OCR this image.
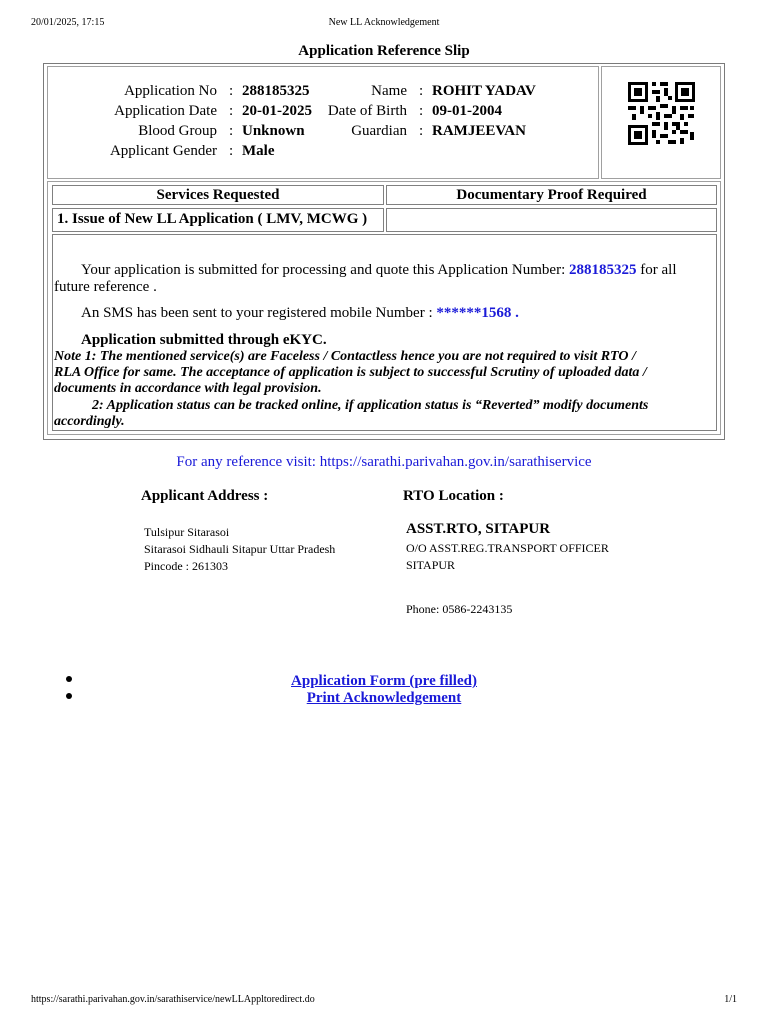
20/01/2025, 17:15	New LL Acknowledgement
Application Reference Slip
Application No : 288185325	Name : ROHIT YADAV
Application Date : 20-01-2025 Date of Birth : 09-01-2004
Blood Group : Unknown	Guardian : RAMJEEVAN
Applicant Gender : Male
Services Requested	Documentary Proof Required
1. Issue of New LL Application ( LMV, MCWG )
Your application is submitted for processing and quote this Application Number: 288185325 for all
future reference .
An SMS has been sent to your registered mobile Number : ******1568 .
Application submitted through eKYC.
Note 1: The mentioned service(s) are Faceless / Contactless hence you are not required to visit RTO /
RLA Office for same. The acceptance of application is subject to successful Scrutiny of uploaded data /
documents in accordance with legal provision.
2: Application status can be tracked online, if application status is “Reverted” modify documents
accordingly.
For any reference visit: https://sarathi.parivahan.gov.in/sarathiservice
Applicant Address :	RTO Location :
Tulsipur Sitarasoi
Sitarasoi Sidhauli Sitapur Uttar Pradesh
Pincode : 261303
ASST.RTO, SITAPUR
O/O ASST.REG.TRANSPORT OFFICER
SITAPUR
Phone: 0586-2243135
Application Form (pre filled)
Print Acknowledgement
https://sarathi.parivahan.gov.in/sarathiservice/newLLAppltoredirect.do	1/1
